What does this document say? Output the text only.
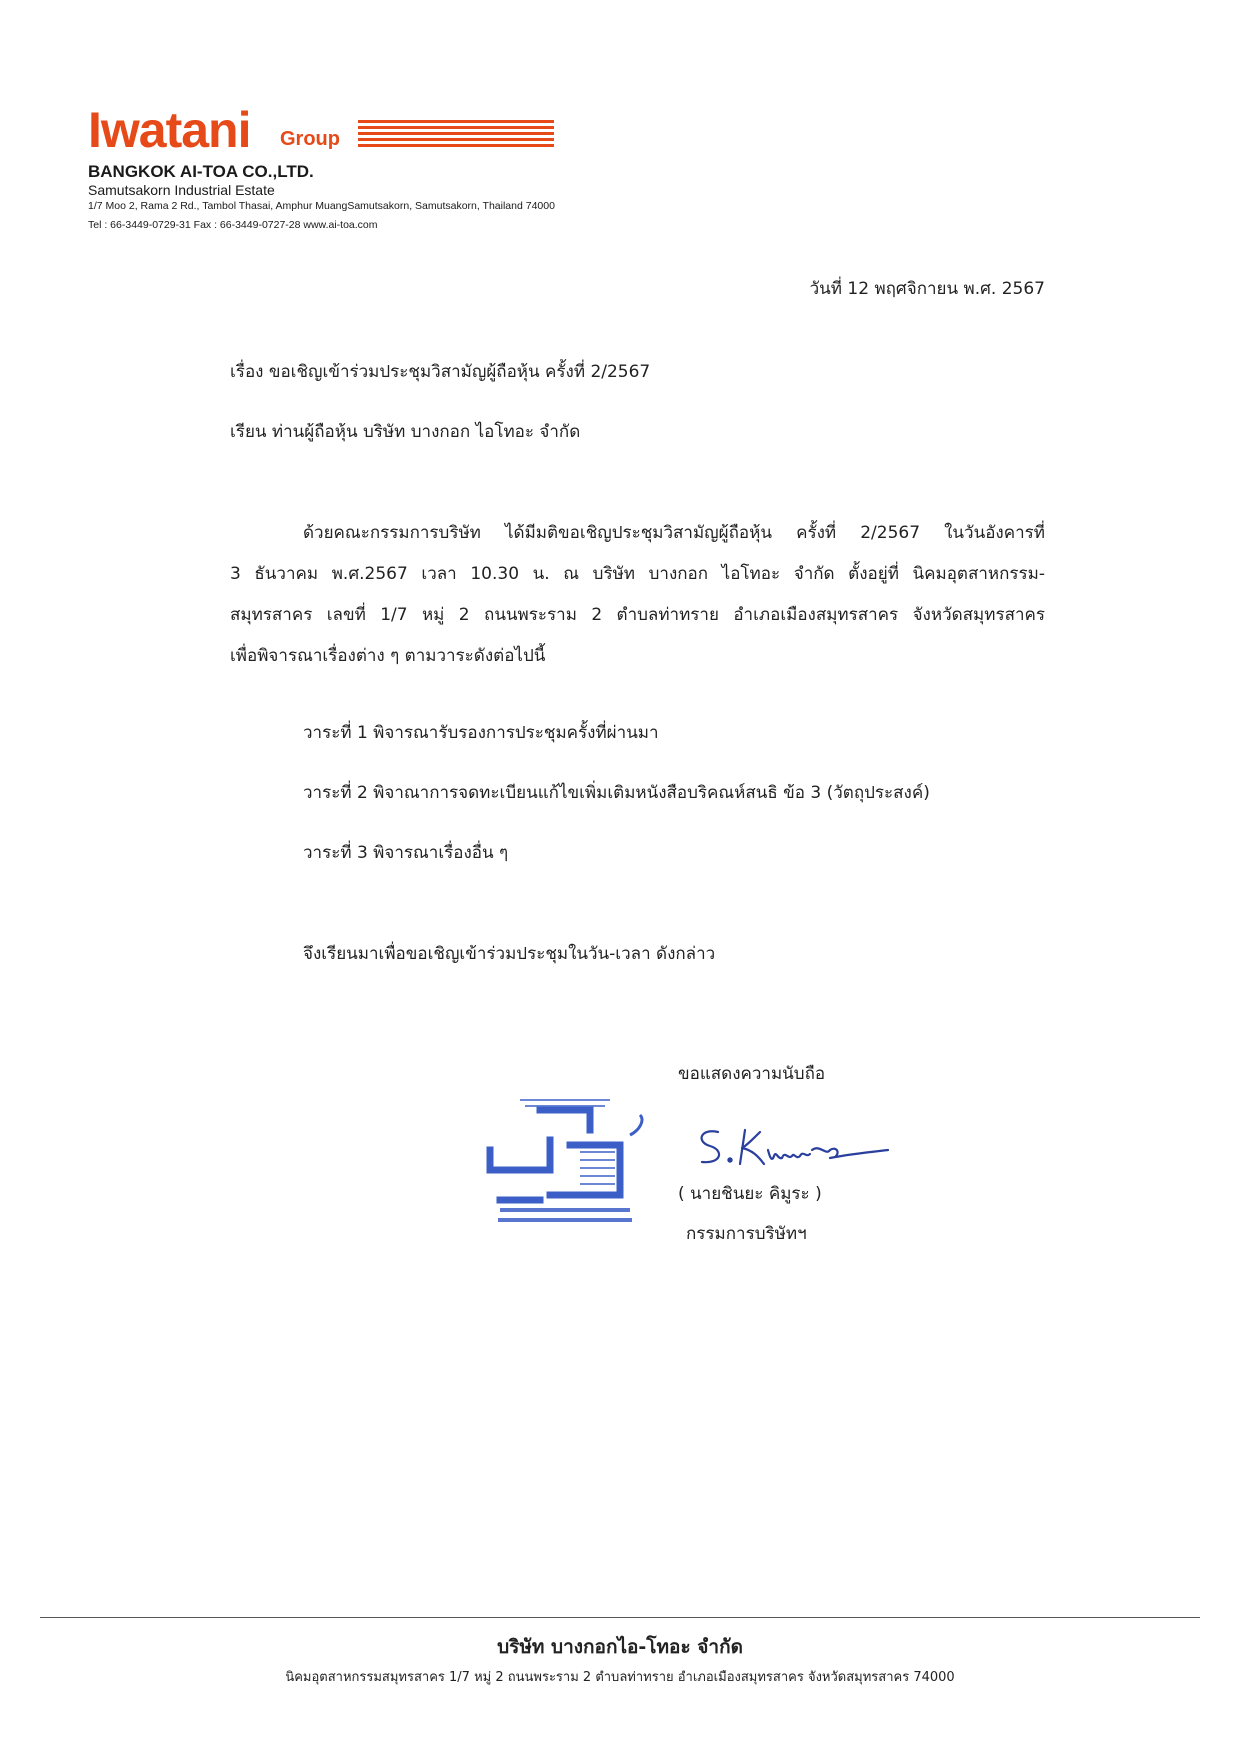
Iwatani Group
BANGKOK AI-TOA CO.,LTD.
Samutsakorn Industrial Estate
1/7 Moo 2, Rama 2 Rd., Tambol Thasai, Amphur MuangSamutsakorn, Samutsakorn, Thailand 74000
Tel : 66-3449-0729-31 Fax : 66-3449-0727-28 www.ai-toa.com
วันที่ 12 พฤศจิกายน พ.ศ. 2567
เรื่อง ขอเชิญเข้าร่วมประชุมวิสามัญผู้ถือหุ้น ครั้งที่ 2/2567
เรียน ท่านผู้ถือหุ้น บริษัท บางกอก ไอโทอะ จำกัด
ด้วยคณะกรรมการบริษัท ได้มีมติขอเชิญประชุมวิสามัญผู้ถือหุ้น ครั้งที่ 2/2567 ในวันอังคารที่
3 ธันวาคม พ.ศ.2567 เวลา 10.30 น. ณ บริษัท บางกอก ไอโทอะ จำกัด ตั้งอยู่ที่ นิคมอุตสาหกรรม-
สมุทรสาคร เลขที่ 1/7 หมู่ 2 ถนนพระราม 2 ตำบลท่าทราย อำเภอเมืองสมุทรสาคร จังหวัดสมุทรสาคร
เพื่อพิจารณาเรื่องต่าง ๆ ตามวาระดังต่อไปนี้
วาระที่ 1 พิจารณารับรองการประชุมครั้งที่ผ่านมา
วาระที่ 2 พิจาณาการจดทะเบียนแก้ไขเพิ่มเติมหนังสือบริคณห์สนธิ ข้อ 3 (วัตถุประสงค์)
วาระที่ 3 พิจารณาเรื่องอื่น ๆ
จึงเรียนมาเพื่อขอเชิญเข้าร่วมประชุมในวัน-เวลา ดังกล่าว
ขอแสดงความนับถือ
( นายชินยะ คิมูระ )
กรรมการบริษัทฯ
บริษัท บางกอกไอ-โทอะ จำกัด
นิคมอุตสาหกรรมสมุทรสาคร 1/7 หมู่ 2 ถนนพระราม 2 ตำบลท่าทราย อำเภอเมืองสมุทรสาคร จังหวัดสมุทรสาคร 74000
